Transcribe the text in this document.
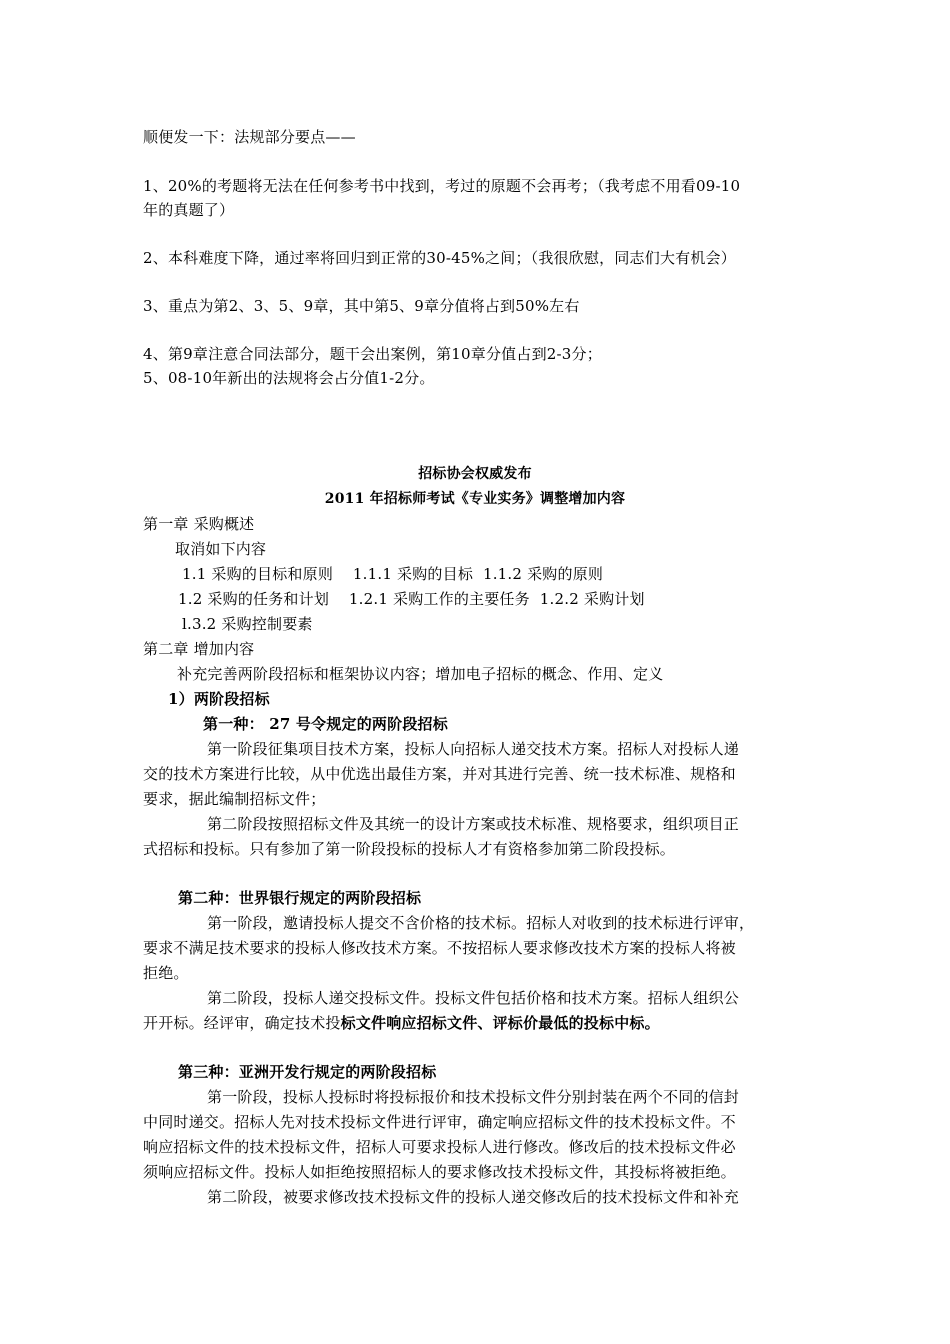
顺便发一下：法规部分要点——
1、20%的考题将无法在任何参考书中找到，考过的原题不会再考；（我考虑不用看09-10
年的真题了）
2、本科难度下降，通过率将回归到正常的30-45%之间；（我很欣慰，同志们大有机会）
3、重点为第2、3、5、9章，其中第5、9章分值将占到50%左右
4、第9章注意合同法部分，题干会出案例，第10章分值占到2-3分；
5、08-10年新出的法规将会占分值1-2分。
招标协会权威发布
2011 年招标师考试《专业实务》调整增加内容
第一章 采购概述
取消如下内容
1.1 采购的目标和原则    1.1.1 采购的目标  1.1.2 采购的原则
1.2 采购的任务和计划    1.2.1 采购工作的主要任务  1.2.2 采购计划
l.3.2 采购控制要素
第二章 增加内容
补充完善两阶段招标和框架协议内容；增加电子招标的概念、作用、定义
1）两阶段招标
第一种： 27 号令规定的两阶段招标
第一阶段征集项目技术方案，投标人向招标人递交技术方案。招标人对投标人递
交的技术方案进行比较，从中优选出最佳方案，并对其进行完善、统一技术标准、规格和
要求，据此编制招标文件；
第二阶段按照招标文件及其统一的设计方案或技术标准、规格要求，组织项目正
式招标和投标。只有参加了第一阶段投标的投标人才有资格参加第二阶段投标。
第二种：世界银行规定的两阶段招标
第一阶段，邀请投标人提交不含价格的技术标。招标人对收到的技术标进行评审，
要求不满足技术要求的投标人修改技术方案。不按招标人要求修改技术方案的投标人将被
拒绝。
第二阶段，投标人递交投标文件。投标文件包括价格和技术方案。招标人组织公
开开标。经评审，确定技术投标文件响应招标文件、评标价最低的投标中标。
第三种：亚洲开发行规定的两阶段招标
第一阶段，投标人投标时将投标报价和技术投标文件分别封装在两个不同的信封
中同时递交。招标人先对技术投标文件进行评审，确定响应招标文件的技术投标文件。不
响应招标文件的技术投标文件，招标人可要求投标人进行修改。修改后的技术投标文件必
须响应招标文件。投标人如拒绝按照招标人的要求修改技术投标文件，其投标将被拒绝。
第二阶段，被要求修改技术投标文件的投标人递交修改后的技术投标文件和补充
